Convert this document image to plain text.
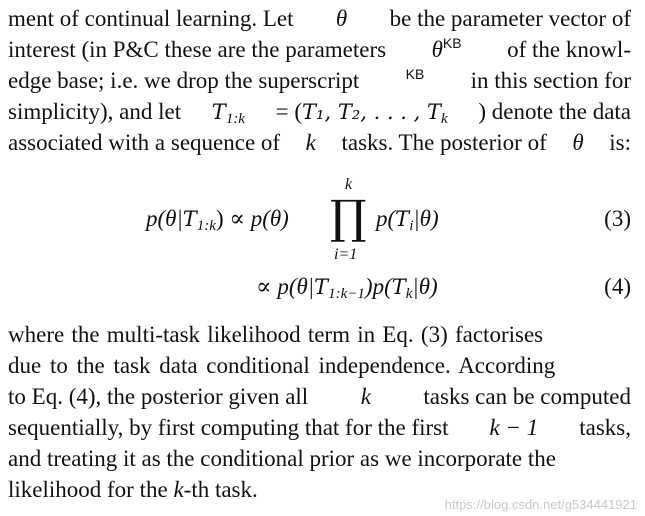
ment of continual learning. Let θ be the parameter vector of
interest (in P&C these are the parameters $\theta^{KB}$ of the knowl-
edge base; i.e. we drop the superscript	$^{KB}$ in this section for
simplicity), and let $T_{1:k} = (T_1$, T₂, . . . , $T_k$ ) denote the data
associated with a sequence of k tasks. The posterior of θ is:
$p(\theta|T_{1:k}) \propto p(\theta)$
k
∏
i=1
$p(T_i|\theta)$	(3)
∝ $p(\theta|T_{1:k-1})p(T_k|\theta)$	(4)
where the multi-task likelihood term in Eq. (3) factorises
due to the task data conditional independence. According
to Eq. (4), the posterior given all k tasks can be computed
sequentially, by first computing that for the first k − 1 tasks,
and treating it as the conditional prior as we incorporate the
likelihood for the k-th task.
https://blog.csdn.net/g534441921
